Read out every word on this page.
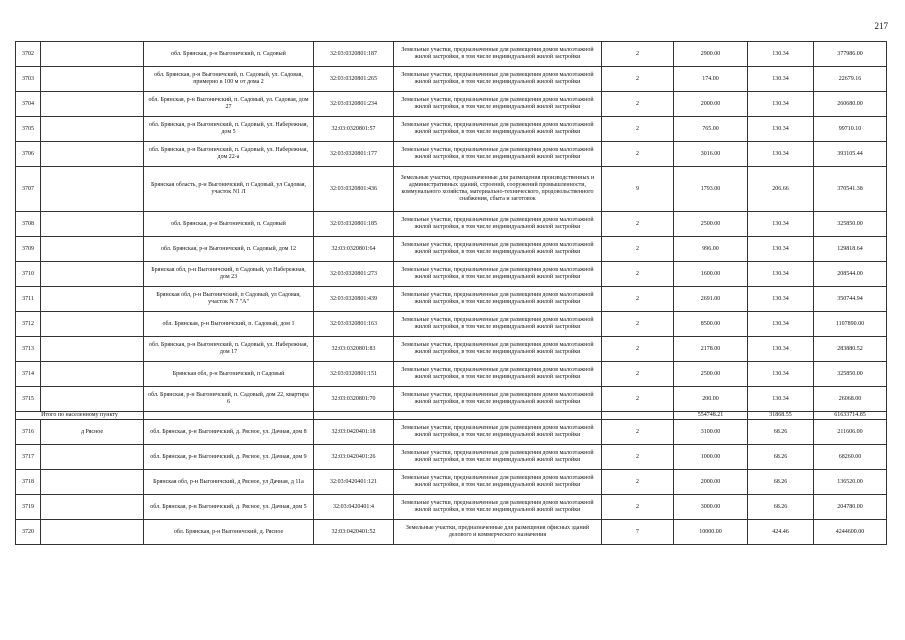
217
3702		обл. Брянская, р-н Выгоничский, п. Садовый	32:03:0320801:187	Земельные участки, предназначенные для размещения домов малоэтажной жилой застройки, в том числе индивидуальной жилой застройки	2	2900.00	130.34	377986.00
3703		обл. Брянская, р-н Выгоничский, п. Садовый, ул. Садовая, примерно в 100 м от дома 2	32:03:0320801:265	Земельные участки, предназначенные для размещения домов малоэтажной жилой застройки, в том числе индивидуальной жилой застройки	2	174.00	130.34	22679.16
3704		обл. Брянская, р-н Выгоничский, п. Садовый, ул. Садовая, дом 27	32:03:0320801:234	Земельные участки, предназначенные для размещения домов малоэтажной жилой застройки, в том числе индивидуальной жилой застройки	2	2000.00	130.34	260680.00
3705		обл. Брянская, р-н Выгоничский, п. Садовый, ул. Набережная, дом 5	32:03:0320801:57	Земельные участки, предназначенные для размещения домов малоэтажной жилой застройки, в том числе индивидуальной жилой застройки	2	765.00	130.34	99710.10
3706		обл. Брянская, р-н Выгоничский, п. Садовый, ул. Набережная, дом 22-а	32:03:0320801:177	Земельные участки, предназначенные для размещения домов малоэтажной жилой застройки, в том числе индивидуальной жилой застройки	2	3016.00	130.34	393105.44
3707		Брянская область, р-н Выгоничский, п Садовый, ул Садовая, участок N1 Л	32:03:0320801:436	Земельные участки, предназначенные для размещения производственных и административных зданий, строений, сооружений промышленности, коммунального хозяйства, материально-технического, продовольственного снабжения, сбыта и заготовок	9	1793.00	206.66	370541.38
3708		обл. Брянская, р-н Выгоничский, п. Садовый	32:03:0320801:185	Земельные участки, предназначенные для размещения домов малоэтажной жилой застройки, в том числе индивидуальной жилой застройки	2	2500.00	130.34	325850.00
3709		обл. Брянская, р-н Выгоничский, п. Садовый, дом 12	32:03:0320801:64	Земельные участки, предназначенные для размещения домов малоэтажной жилой застройки, в том числе индивидуальной жилой застройки	2	996.00	130.34	129818.64
3710		Брянская обл, р-н Выгоничский, п Садовый, ул Набережная, дом 23	32:03:0320801:273	Земельные участки, предназначенные для размещения домов малоэтажной жилой застройки, в том числе индивидуальной жилой застройки	2	1600.00	130.34	208544.00
3711		Брянская обл, р-н Выгоничский, п Садовый, ул Садовая, участок N 7 "А"	32:03:0320801:439	Земельные участки, предназначенные для размещения домов малоэтажной жилой застройки, в том числе индивидуальной жилой застройки	2	2691.00	130.34	350744.94
3712		обл. Брянская, р-н Выгоничский, п. Садовый, дом 1	32:03:0320801:163	Земельные участки, предназначенные для размещения домов малоэтажной жилой застройки, в том числе индивидуальной жилой застройки	2	8500.00	130.34	1107890.00
3713		обл. Брянская, р-н Выгоничский, п. Садовый, ул. Набережная, дом 17	32:03:0320801:83	Земельные участки, предназначенные для размещения домов малоэтажной жилой застройки, в том числе индивидуальной жилой застройки	2	2178.00	130.34	283880.52
3714		Брянская обл, р-н Выгоничский, п Садовый	32:03:0320801:151	Земельные участки, предназначенные для размещения домов малоэтажной жилой застройки, в том числе индивидуальной жилой застройки	2	2500.00	130.34	325850.00
3715		обл. Брянская, р-н Выгоничский, п. Садовый, дом 22, квартира 6	32:03:0320801:70	Земельные участки, предназначенные для размещения домов малоэтажной жилой застройки, в том числе индивидуальной жилой застройки	2	200.00	130.34	26068.00
Итого по населенному пункту						554748.21	31868.55	61633714.85
3716	д Рясное	обл. Брянская, р-н Выгоничский, д. Рясное, ул. Дачная, дом 8	32:03:0420401:18	Земельные участки, предназначенные для размещения домов малоэтажной жилой застройки, в том числе индивидуальной жилой застройки	2	3100.00	68.26	211606.00
3717		обл. Брянская, р-н Выгоничский, д. Рясное, ул. Дачная, дом 9	32:03:0420401:26	Земельные участки, предназначенные для размещения домов малоэтажной жилой застройки, в том числе индивидуальной жилой застройки	2	1000.00	68.26	68260.00
3718		Брянская обл, р-н Выгоничский, д Рясное, ул Дачная, д 11а	32:03:0420401:121	Земельные участки, предназначенные для размещения домов малоэтажной жилой застройки, в том числе индивидуальной жилой застройки	2	2000.00	68.26	136520.00
3719		обл. Брянская, р-н Выгоничский, д. Рясное, ул. Дачная, дом 5	32:03:0420401:4	Земельные участки, предназначенные для размещения домов малоэтажной жилой застройки, в том числе индивидуальной жилой застройки	2	3000.00	68.26	204780.00
3720		обл. Брянская, р-н Выгоничский, д. Рясное	32:03:0420401:52	Земельные участки, предназначенные для размещения офисных зданий делового и коммерческого назначения	7	10000.00	424.46	4244600.00
